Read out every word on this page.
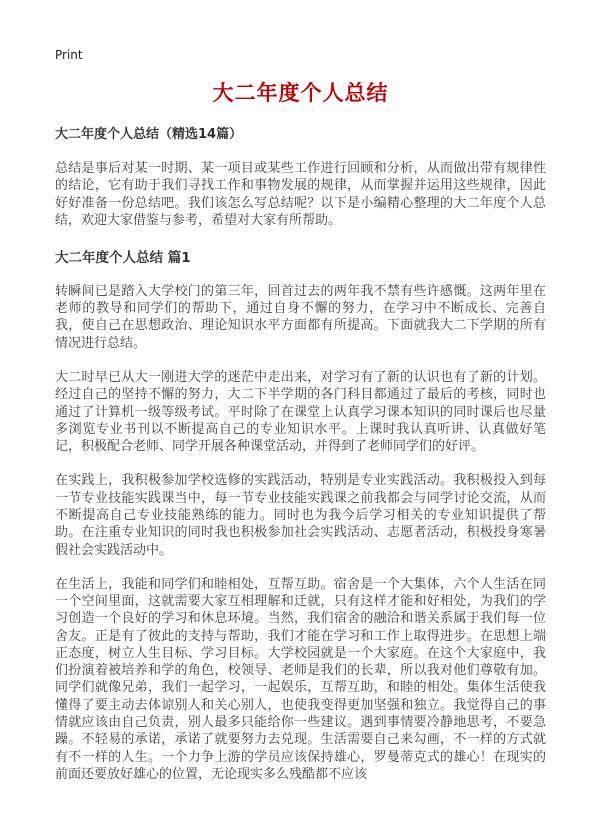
Print
大二年度个人总结
大二年度个人总结（精选14篇）

总结是事后对某一时期、某一项目或某些工作进行回顾和分析，从而做出带有规律性的结论，它有助于我们寻找工作和事物发展的规律，从而掌握并运用这些规律，因此好好准备一份总结吧。我们该怎么写总结呢？以下是小编精心整理的大二年度个人总结，欢迎大家借鉴与参考，希望对大家有所帮助。

大二年度个人总结 篇1

转瞬间已是踏入大学校门的第三年，回首过去的两年我不禁有些许感慨。这两年里在老师的教导和同学们的帮助下，通过自身不懈的努力，在学习中不断成长、完善自我，使自己在思想政治、理论知识水平方面都有所提高。下面就我大二下学期的所有情况进行总结。

大二时早已从大一刚进大学的迷茫中走出来，对学习有了新的认识也有了新的计划。经过自己的坚持不懈的努力，大二下半学期的各门科目都通过了最后的考核，同时也通过了计算机一级等级考试。平时除了在课堂上认真学习课本知识的同时课后也尽量多浏览专业书刊以不断提高自己的专业知识水平。上课时我认真听讲、认真做好笔记，积极配合老师、同学开展各种课堂活动，并得到了老师同学们的好评。

在实践上，我积极参加学校选修的实践活动，特别是专业实践活动。我积极投入到每一节专业技能实践课当中，每一节专业技能实践课之前我都会与同学讨论交流，从而不断提高自己专业技能熟练的能力。同时也为我今后学习相关的专业知识提供了帮助。在注重专业知识的同时我也积极参加社会实践活动、志愿者活动，积极投身寒暑假社会实践活动中。

在生活上，我能和同学们和睦相处，互帮互助。宿舍是一个大集体，六个人生活在同一个空间里面，这就需要大家互相理解和迁就，只有这样才能和好相处，为我们的学习创造一个良好的学习和休息环境。当然，我们宿舍的融洽和谐关系属于我们每一位舍友。正是有了彼此的支持与帮助，我们才能在学习和工作上取得进步。在思想上端正态度，树立人生目标、学习目标。大学校园就是一个大家庭。在这个大家庭中，我们扮演着被培养和学的角色，校领导、老师是我们的长辈，所以我对他们尊敬有加。同学们就像兄弟，我们一起学习，一起娱乐，互帮互助，和睦的相处。集体生活使我懂得了要主动去体谅别人和关心别人，也使我变得更加坚强和独立。我觉得自己的事情就应该由自己负责，别人最多只能给你一些建议。遇到事情要冷静地思考，不要急躁。不轻易的承诺，承诺了就要努力去兑现。生活需要自己来勾画，不一样的方式就有不一样的人生。一个力争上游的学员应该保持雄心，罗曼蒂克式的雄心！在现实的前面还要放好雄心的位置，无论现实多么残酷都不应该
